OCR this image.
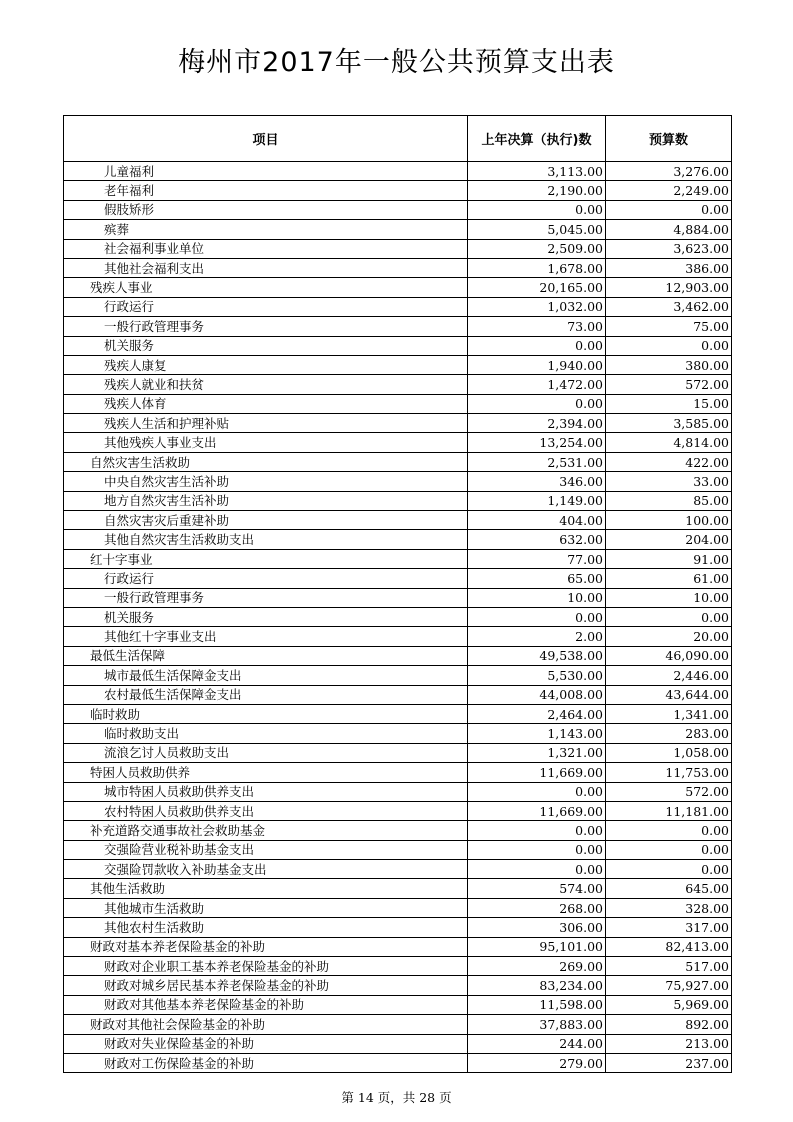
梅州市2017年一般公共预算支出表
项目	上年决算（执行)数	预算数
儿童福利	3,113.00	3,276.00
老年福利	2,190.00	2,249.00
假肢矫形	0.00	0.00
殡葬	5,045.00	4,884.00
社会福利事业单位	2,509.00	3,623.00
其他社会福利支出	1,678.00	386.00
残疾人事业	20,165.00	12,903.00
行政运行	1,032.00	3,462.00
一般行政管理事务	73.00	75.00
机关服务	0.00	0.00
残疾人康复	1,940.00	380.00
残疾人就业和扶贫	1,472.00	572.00
残疾人体育	0.00	15.00
残疾人生活和护理补贴	2,394.00	3,585.00
其他残疾人事业支出	13,254.00	4,814.00
自然灾害生活救助	2,531.00	422.00
中央自然灾害生活补助	346.00	33.00
地方自然灾害生活补助	1,149.00	85.00
自然灾害灾后重建补助	404.00	100.00
其他自然灾害生活救助支出	632.00	204.00
红十字事业	77.00	91.00
行政运行	65.00	61.00
一般行政管理事务	10.00	10.00
机关服务	0.00	0.00
其他红十字事业支出	2.00	20.00
最低生活保障	49,538.00	46,090.00
城市最低生活保障金支出	5,530.00	2,446.00
农村最低生活保障金支出	44,008.00	43,644.00
临时救助	2,464.00	1,341.00
临时救助支出	1,143.00	283.00
流浪乞讨人员救助支出	1,321.00	1,058.00
特困人员救助供养	11,669.00	11,753.00
城市特困人员救助供养支出	0.00	572.00
农村特困人员救助供养支出	11,669.00	11,181.00
补充道路交通事故社会救助基金	0.00	0.00
交强险营业税补助基金支出	0.00	0.00
交强险罚款收入补助基金支出	0.00	0.00
其他生活救助	574.00	645.00
其他城市生活救助	268.00	328.00
其他农村生活救助	306.00	317.00
财政对基本养老保险基金的补助	95,101.00	82,413.00
财政对企业职工基本养老保险基金的补助	269.00	517.00
财政对城乡居民基本养老保险基金的补助	83,234.00	75,927.00
财政对其他基本养老保险基金的补助	11,598.00	5,969.00
财政对其他社会保险基金的补助	37,883.00	892.00
财政对失业保险基金的补助	244.00	213.00
财政对工伤保险基金的补助	279.00	237.00
第 14 页，共 28 页
